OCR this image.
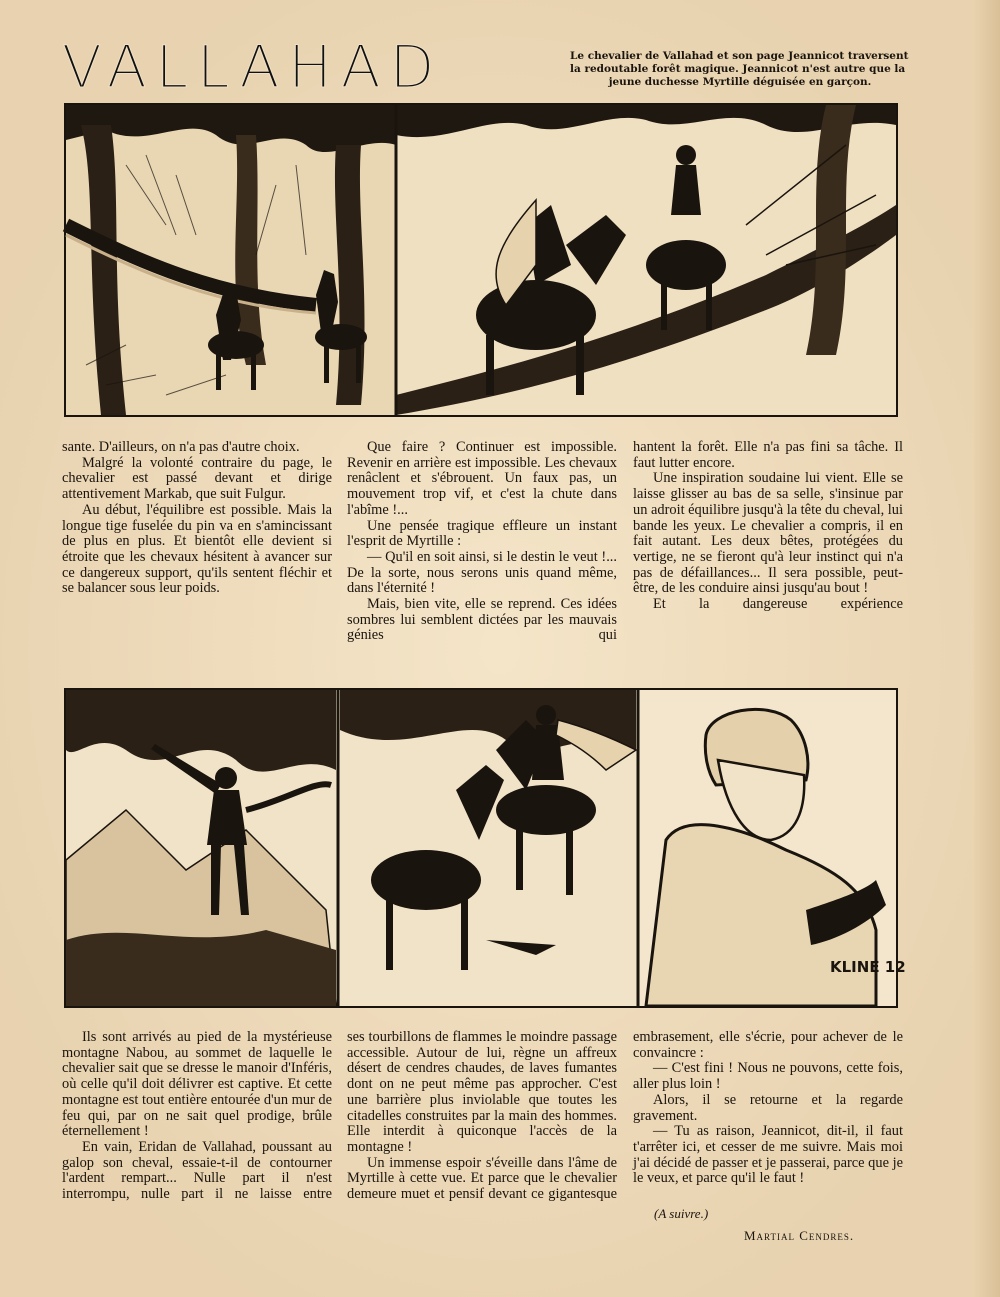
VALLAHAD	Le chevalier de Vallahad et son page Jeannicot traversent
la redoutable forêt magique. Jeannicot n'est autre que la
jeune duchesse Myrtille déguisée en garçon.

sante. D'ailleurs, on n'a pas d'autre choix.

Malgré la volonté contraire du page, le chevalier est passé devant et dirige attentivement Markab, que suit Fulgur.

Au début, l'équilibre est possible. Mais la longue tige fuselée du pin va en s'amincissant de plus en plus. Et bientôt elle devient si étroite que les chevaux hésitent à avancer sur ce dangereux support, qu'ils sentent fléchir et se balancer sous leur poids.

Que faire ? Continuer est impossible. Revenir en arrière est impossible. Les chevaux renâclent et s'ébrouent. Un faux pas, un mouvement trop vif, et c'est la chute dans l'abîme !...

Une pensée tragique effleure un instant l'esprit de Myrtille :

— Qu'il en soit ainsi, si le destin le veut !... De la sorte, nous serons unis quand même, dans l'éternité !

Mais, bien vite, elle se reprend. Ces idées sombres lui semblent dictées par les mauvais génies qui

hantent la forêt. Elle n'a pas fini sa tâche. Il faut lutter encore.

Une inspiration soudaine lui vient. Elle se laisse glisser au bas de sa selle, s'insinue par un adroit équilibre jusqu'à la tête du cheval, lui bande les yeux. Le chevalier a compris, il en fait autant. Les deux bêtes, protégées du vertige, ne se fieront qu'à leur instinct qui n'a pas de défaillances... Il sera possible, peut-être, de les conduire ainsi jusqu'au bout !

Et la dangereuse expérience

KLINE 12

Ils sont arrivés au pied de la mystérieuse montagne Nabou, au sommet de laquelle le chevalier sait que se dresse le manoir d'Inféris, où celle qu'il doit délivrer est captive. Et cette montagne est tout entière entourée d'un mur de feu qui, par on ne sait quel prodige, brûle éternellement !

En vain, Eridan de Vallahad, poussant au galop son cheval, essaie-t-il de contourner l'ardent rempart... Nulle part il n'est interrompu, nulle part il ne laisse entre

ses tourbillons de flammes le moindre passage accessible. Autour de lui, règne un affreux désert de cendres chaudes, de laves fumantes dont on ne peut même pas approcher. C'est une barrière plus inviolable que toutes les citadelles construites par la main des hommes. Elle interdit à quiconque l'accès de la montagne !

Un immense espoir s'éveille dans l'âme de Myrtille à cette vue. Et parce que le chevalier demeure muet et pensif devant ce gigantesque

embrasement, elle s'écrie, pour achever de le convaincre :

— C'est fini ! Nous ne pouvons, cette fois, aller plus loin !

Alors, il se retourne et la regarde gravement.

— Tu as raison, Jeannicot, dit-il, il faut t'arrêter ici, et cesser de me suivre. Mais moi j'ai décidé de passer et je passerai, parce que je le veux, et parce qu'il le faut !

(A suivre.)
Martial Cendres.
